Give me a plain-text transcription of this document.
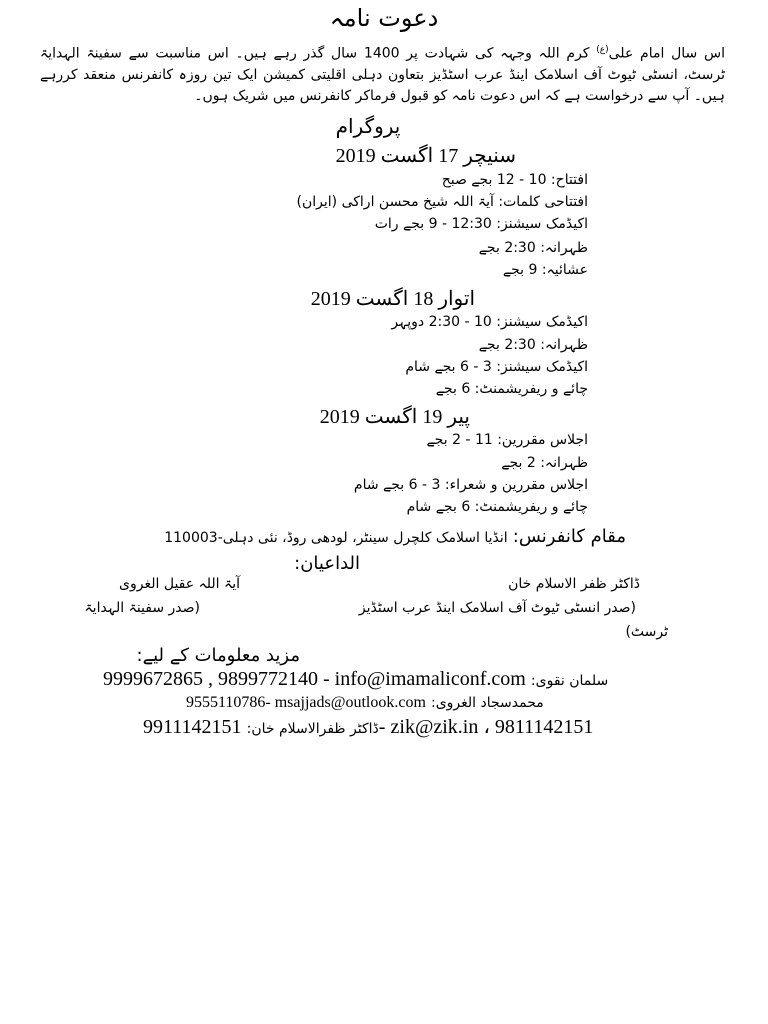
دعوت نامہ
اس سال امام علی$^{(ع)}$ کرم اللہ وجہہ کی شہادت پر 1400 سال گذر رہے ہیں۔ اس مناسبت سے سفینۃ الہدایۃ ٹرسٹ، انسٹی ٹیوٹ آف اسلامک اینڈ عرب اسٹڈیز بتعاون دہلی اقلیتی کمیشن ایک تین روزہ کانفرنس منعقد کررہے ہیں۔ آپ سے درخواست ہے کہ اس دعوت نامہ کو قبول فرماکر کانفرنس میں شریک ہوں۔
پروگرام
سنیچر 17 اگست 2019
افتتاح: 10 - 12 بجے صبح
افتتاحی کلمات: آیۃ اللہ شیخ محسن اراکی (ایران)
اکیڈمک سیشنز: 12:30 - 9 بجے رات
ظہرانہ: 2:30 بجے
عشائیہ: 9 بجے
اتوار 18 اگست 2019
اکیڈمک سیشنز: 10 - 2:30 دوپہر
ظہرانہ: 2:30 بجے
اکیڈمک سیشنز: 3 - 6 بجے شام
چائے و ریفریشمنٹ: 6 بجے
پیر 19 اگست 2019
اجلاس مقررین: 11 - 2 بجے
ظہرانہ: 2 بجے
اجلاس مقررین و شعراء: 3 - 6 بجے شام
چائے و ریفریشمنٹ: 6 بجے شام
مقام کانفرنس: انڈیا اسلامک کلچرل سینٹر، لودھی روڈ، نئی دہلی-110003
الداعیان:
ڈاکٹر ظفر الاسلام خان
آیۃ اللہ عقیل الغروی
(صدر انسٹی ٹیوٹ آف اسلامک اینڈ عرب اسٹڈیز
(صدر سفینۃ الہدایۃ
ٹرسٹ)
مزید معلومات کے لیے:
9999672865 , 9899772140 - info@imamaliconf.com سلمان نقوی:
9555110786- msajjads@outlook.com محمدسجاد الغروی:
ڈاکٹر ظفرالاسلام خان: 9911142151- zik@zik.in ، 9811142151
